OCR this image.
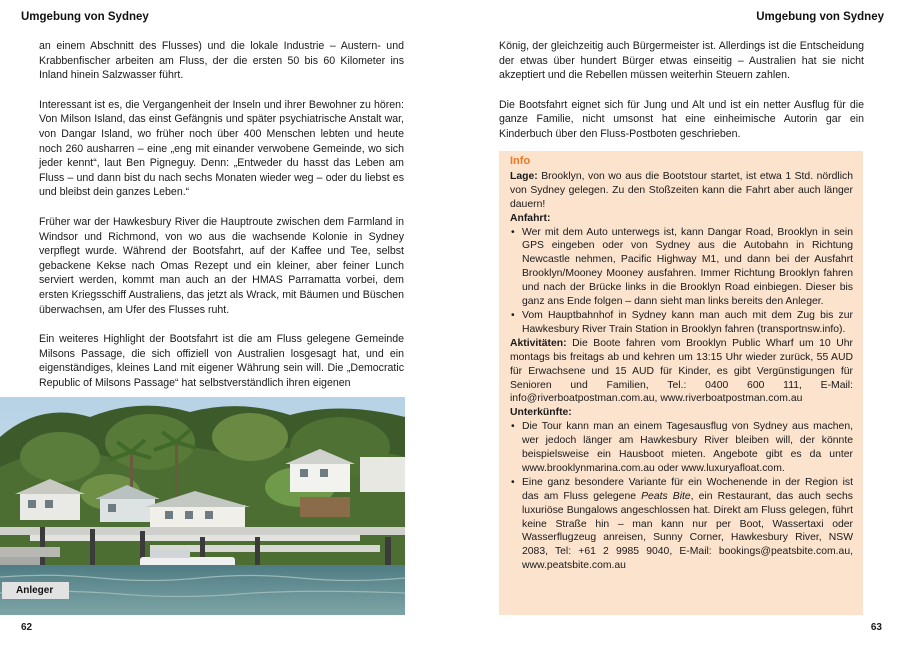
Umgebung von Sydney

an einem Abschnitt des Flusses) und die lokale Industrie – Austern- und Krabbenfischer arbeiten am Fluss, der die ersten 50 bis 60 Kilometer ins Inland hinein Salzwasser führt.

Interessant ist es, die Vergangenheit der Inseln und ihrer Bewohner zu hören: Von Milson Island, das einst Gefängnis und später psychiatrische Anstalt war, von Dangar Island, wo früher noch über 400 Menschen lebten und heute noch 260 ausharren – eine „eng mit einander verwobene Gemeinde, wo sich jeder kennt“, laut Ben Pigneguy. Denn: „Entweder du hasst das Leben am Fluss – und dann bist du nach sechs Monaten wieder weg – oder du liebst es und bleibst dein ganzes Leben.“

Früher war der Hawkesbury River die Hauptroute zwischen dem Farmland in Windsor und Richmond, von wo aus die wachsende Kolonie in Sydney verpflegt wurde. Während der Bootsfahrt, auf der Kaffee und Tee, selbst gebackene Kekse nach Omas Rezept und ein kleiner, aber feiner Lunch serviert werden, kommt man auch an der HMAS Parramatta vorbei, dem ersten Kriegsschiff Australiens, das jetzt als Wrack, mit Bäumen und Büschen überwachsen, am Ufer des Flusses ruht.

Ein weiteres Highlight der Bootsfahrt ist die am Fluss gelegene Gemeinde Milsons Passage, die sich offiziell von Australien losgesagt hat, und ein eigenständiges, kleines Land mit eigener Währung sein will. Die „Democratic Republic of Milsons Passage“ hat selbstverständlich ihren eigenen

Anleger
62
Umgebung von Sydney

König, der gleichzeitig auch Bürgermeister ist. Allerdings ist die Entscheidung der etwas über hundert Bürger etwas einseitig – Australien hat sie nicht akzeptiert und die Rebellen müssen weiterhin Steuern zahlen.

Die Bootsfahrt eignet sich für Jung und Alt und ist ein netter Ausflug für die ganze Familie, nicht umsonst hat eine einheimische Autorin gar ein Kinderbuch über den Fluss-Postboten geschrieben.

Info

Lage: Brooklyn, von wo aus die Bootstour startet, ist etwa 1 Std. nördlich von Sydney gelegen. Zu den Stoßzeiten kann die Fahrt aber auch länger dauern!

Anfahrt:

• Wer mit dem Auto unterwegs ist, kann Dangar Road, Brooklyn in sein GPS eingeben oder von Sydney aus die Autobahn in Richtung Newcastle nehmen, Pacific Highway M1, und dann bei der Ausfahrt Brooklyn/Mooney Mooney ausfahren. Immer Richtung Brooklyn fahren und nach der Brücke links in die Brooklyn Road einbiegen. Dieser bis ganz ans Ende folgen – dann sieht man links bereits den Anleger.
• Vom Hauptbahnhof in Sydney kann man auch mit dem Zug bis zur Hawkesbury River Train Station in Brooklyn fahren (transportnsw.info).

Aktivitäten: Die Boote fahren vom Brooklyn Public Wharf um 10 Uhr montags bis freitags ab und kehren um 13:15 Uhr wieder zurück, 55 AUD für Erwachsene und 15 AUD für Kinder, es gibt Vergünstigungen für Senioren und Familien, Tel.: 0400 600 111, E-Mail: info@riverboatpostman.com.au, www.riverboatpostman.com.au

Unterkünfte:

• Die Tour kann man an einem Tagesausflug von Sydney aus machen, wer jedoch länger am Hawkesbury River bleiben will, der könnte beispielsweise ein Hausboot mieten. Angebote gibt es da unter www.brooklynmarina.com.au oder www.luxuryafloat.com.
• Eine ganz besondere Variante für ein Wochenende in der Region ist das am Fluss gelegene Peats Bite, ein Restaurant, das auch sechs luxuriöse Bungalows angeschlossen hat. Direkt am Fluss gelegen, führt keine Straße hin – man kann nur per Boot, Wassertaxi oder Wasserflugzeug anreisen, Sunny Corner, Hawkesbury River, NSW 2083, Tel: +61 2 9985 9040, E-Mail: bookings@peatsbite.com.au, www.peatsbite.com.au
63
